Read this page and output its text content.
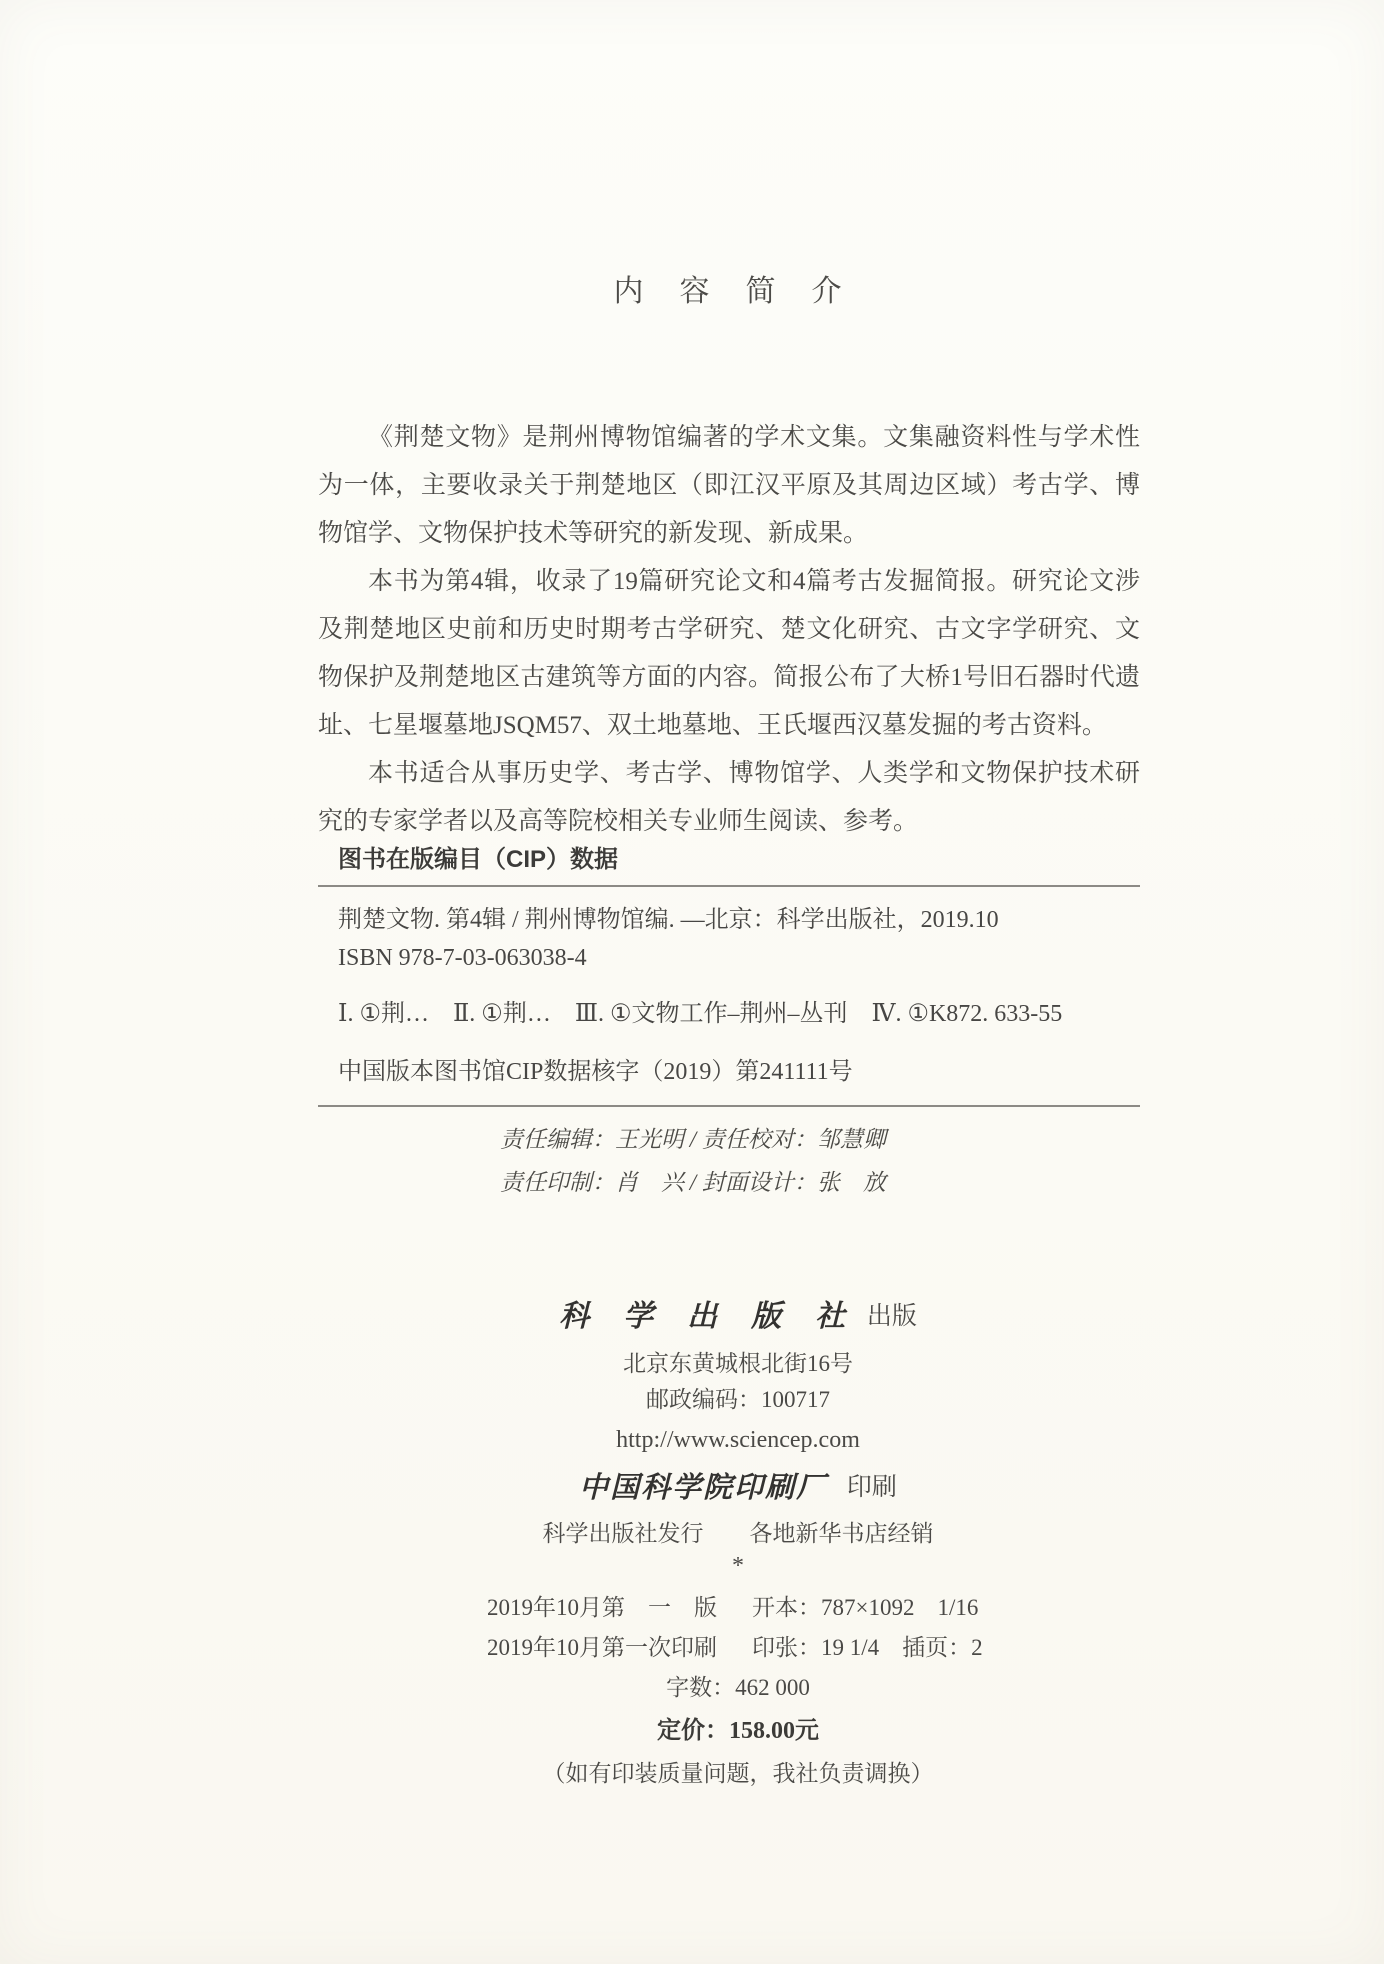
内　容　简　介

《荆楚文物》是荆州博物馆编著的学术文集。文集融资料性与学术性为一体，主要收录关于荆楚地区（即江汉平原及其周边区域）考古学、博物馆学、文物保护技术等研究的新发现、新成果。

本书为第4辑，收录了19篇研究论文和4篇考古发掘简报。研究论文涉及荆楚地区史前和历史时期考古学研究、楚文化研究、古文字学研究、文物保护及荆楚地区古建筑等方面的内容。简报公布了大桥1号旧石器时代遗址、七星堰墓地JSQM57、双土地墓地、王氏堰西汉墓发掘的考古资料。

本书适合从事历史学、考古学、博物馆学、人类学和文物保护技术研究的专家学者以及高等院校相关专业师生阅读、参考。

图书在版编目（CIP）数据
荆楚文物. 第4辑 / 荆州博物馆编. —北京：科学出版社，2019.10
ISBN 978-7-03-063038-4
Ⅰ. ①荆…　Ⅱ. ①荆…　Ⅲ. ①文物工作–荆州–丛刊　Ⅳ. ①K872. 633-55
中国版本图书馆CIP数据核字（2019）第241111号
责任编辑：王光明 / 责任校对：邹慧卿
责任印制：肖　兴 / 封面设计：张　放
科　学　出　版　社 出版
北京东黄城根北街16号
邮政编码：100717
http://www.sciencep.com
中国科学院印刷厂 印刷
科学出版社发行　　各地新华书店经销
*
2019年10月第　一　版	开本：787×1092　1/16
2019年10月第一次印刷	印张：19 1/4　插页：2
字数：462 000
定价：158.00元
（如有印装质量问题，我社负责调换）
